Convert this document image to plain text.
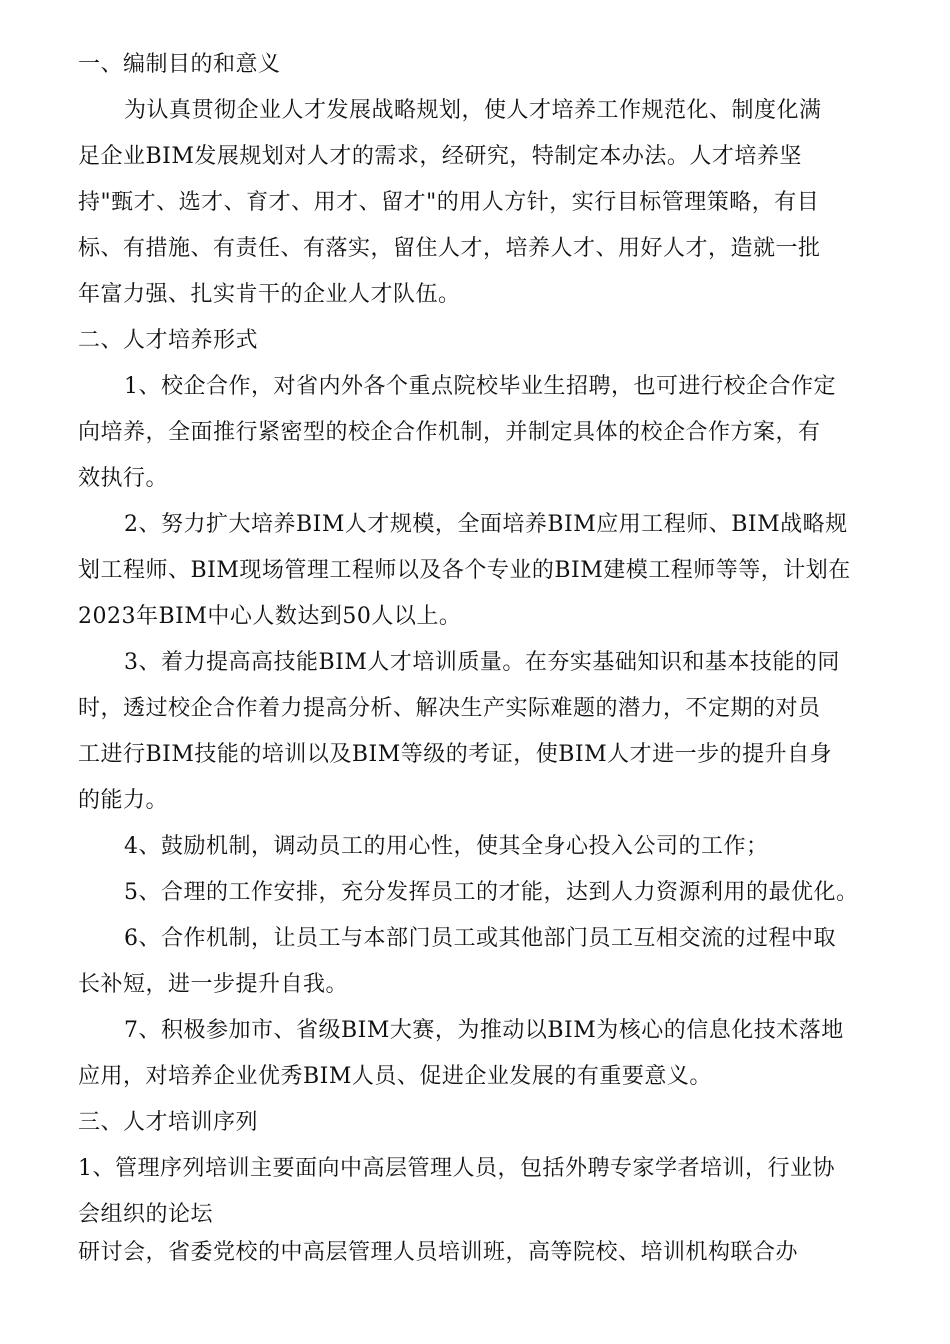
一、编制目的和意义
为认真贯彻企业人才发展战略规划，使人才培养工作规范化、制度化满
足企业BIM发展规划对人才的需求，经研究，特制定本办法。人才培养坚
持"甄才、选才、育才、用才、留才"的用人方针，实行目标管理策略，有目
标、有措施、有责任、有落实，留住人才，培养人才、用好人才，造就一批
年富力强、扎实肯干的企业人才队伍。
二、人才培养形式
1、校企合作，对省内外各个重点院校毕业生招聘，也可进行校企合作定
向培养，全面推行紧密型的校企合作机制，并制定具体的校企合作方案，有
效执行。
2、努力扩大培养BIM人才规模，全面培养BIM应用工程师、BIM战略规
划工程师、BIM现场管理工程师以及各个专业的BIM建模工程师等等，计划在
2023年BIM中心人数达到50人以上。
3、着力提高高技能BIM人才培训质量。在夯实基础知识和基本技能的同
时，透过校企合作着力提高分析、解决生产实际难题的潜力，不定期的对员
工进行BIM技能的培训以及BIM等级的考证，使BIM人才进一步的提升自身
的能力。
4、鼓励机制，调动员工的用心性，使其全身心投入公司的工作；
5、合理的工作安排，充分发挥员工的才能，达到人力资源利用的最优化。
6、合作机制，让员工与本部门员工或其他部门员工互相交流的过程中取
长补短，进一步提升自我。
7、积极参加市、省级BIM大赛，为推动以BIM为核心的信息化技术落地
应用，对培养企业优秀BIM人员、促进企业发展的有重要意义。
三、人才培训序列
1、管理序列培训主要面向中高层管理人员，包括外聘专家学者培训，行业协
会组织的论坛
研讨会，省委党校的中高层管理人员培训班，高等院校、培训机构联合办
